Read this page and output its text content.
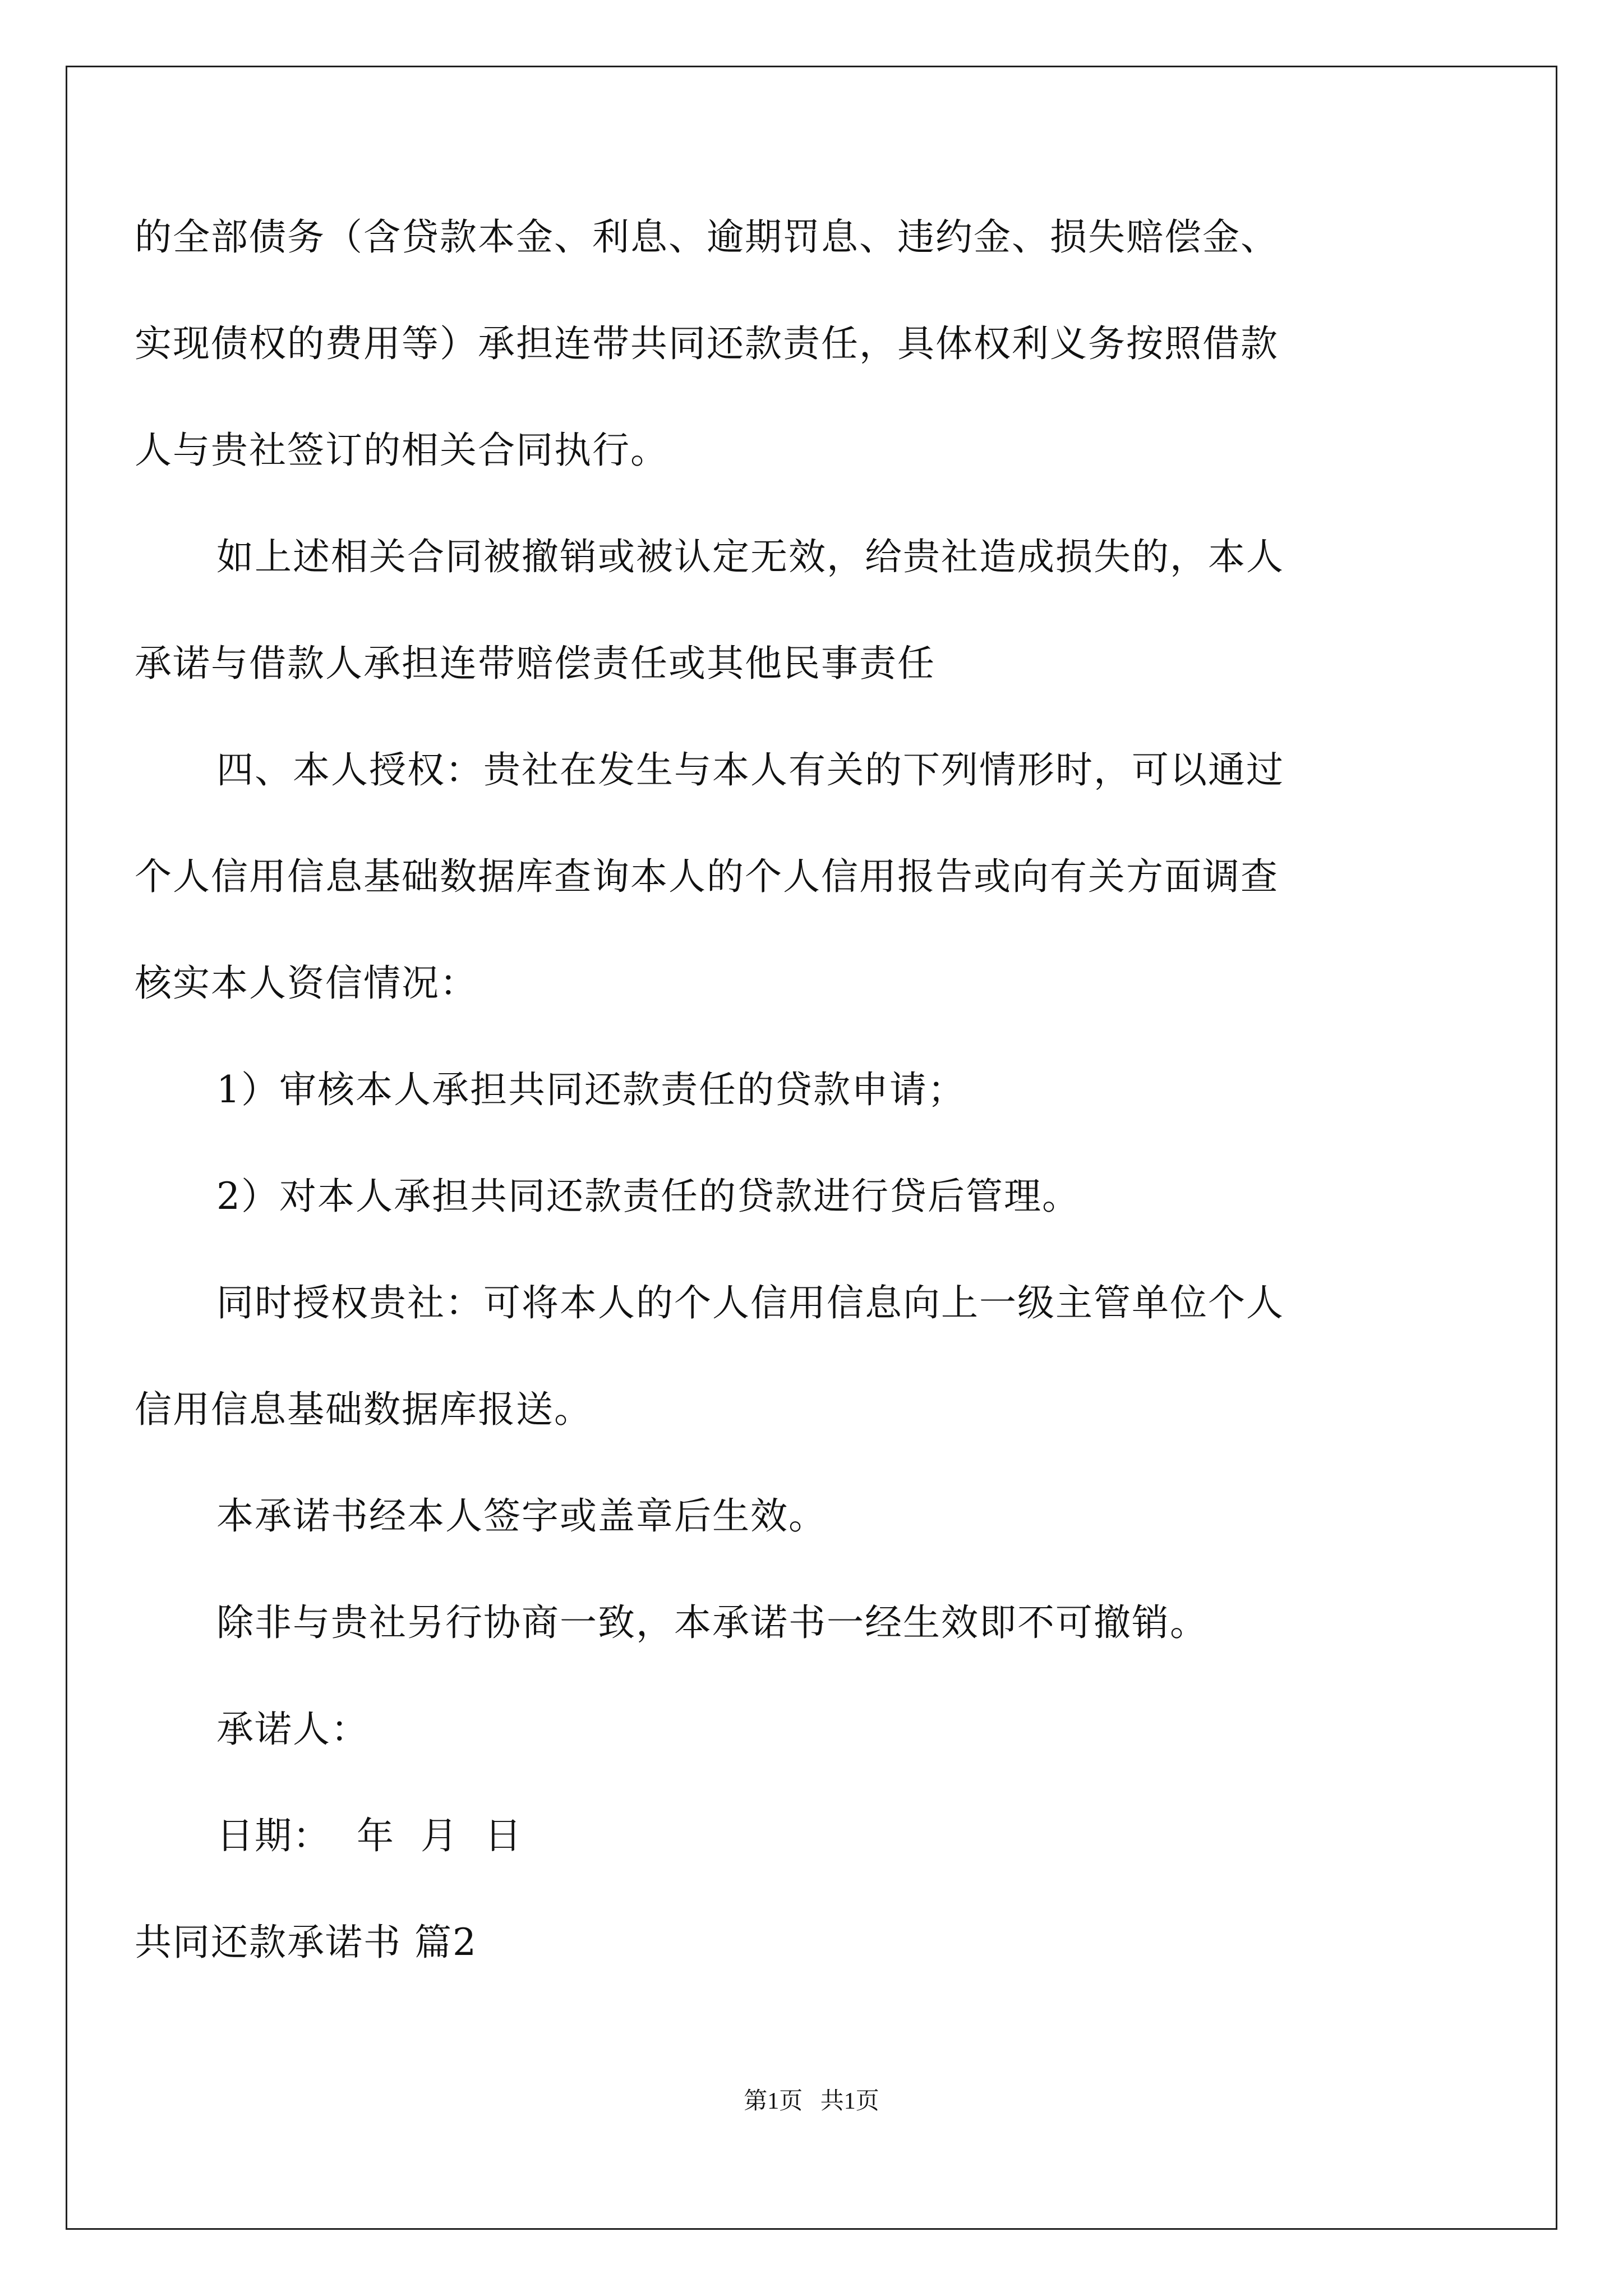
的全部债务（含贷款本金、利息、逾期罚息、违约金、损失赔偿金、
实现债权的费用等）承担连带共同还款责任，具体权利义务按照借款
人与贵社签订的相关合同执行。
如上述相关合同被撤销或被认定无效，给贵社造成损失的，本人
承诺与借款人承担连带赔偿责任或其他民事责任
四、本人授权：贵社在发生与本人有关的下列情形时，可以通过
个人信用信息基础数据库查询本人的个人信用报告或向有关方面调查
核实本人资信情况：
1）审核本人承担共同还款责任的贷款申请；
2）对本人承担共同还款责任的贷款进行贷后管理。
同时授权贵社：可将本人的个人信用信息向上一级主管单位个人
信用信息基础数据库报送。
本承诺书经本人签字或盖章后生效。
除非与贵社另行协商一致，本承诺书一经生效即不可撤销。
承诺人：
日期：  年  月  日
共同还款承诺书 篇2
第1页   共1页
